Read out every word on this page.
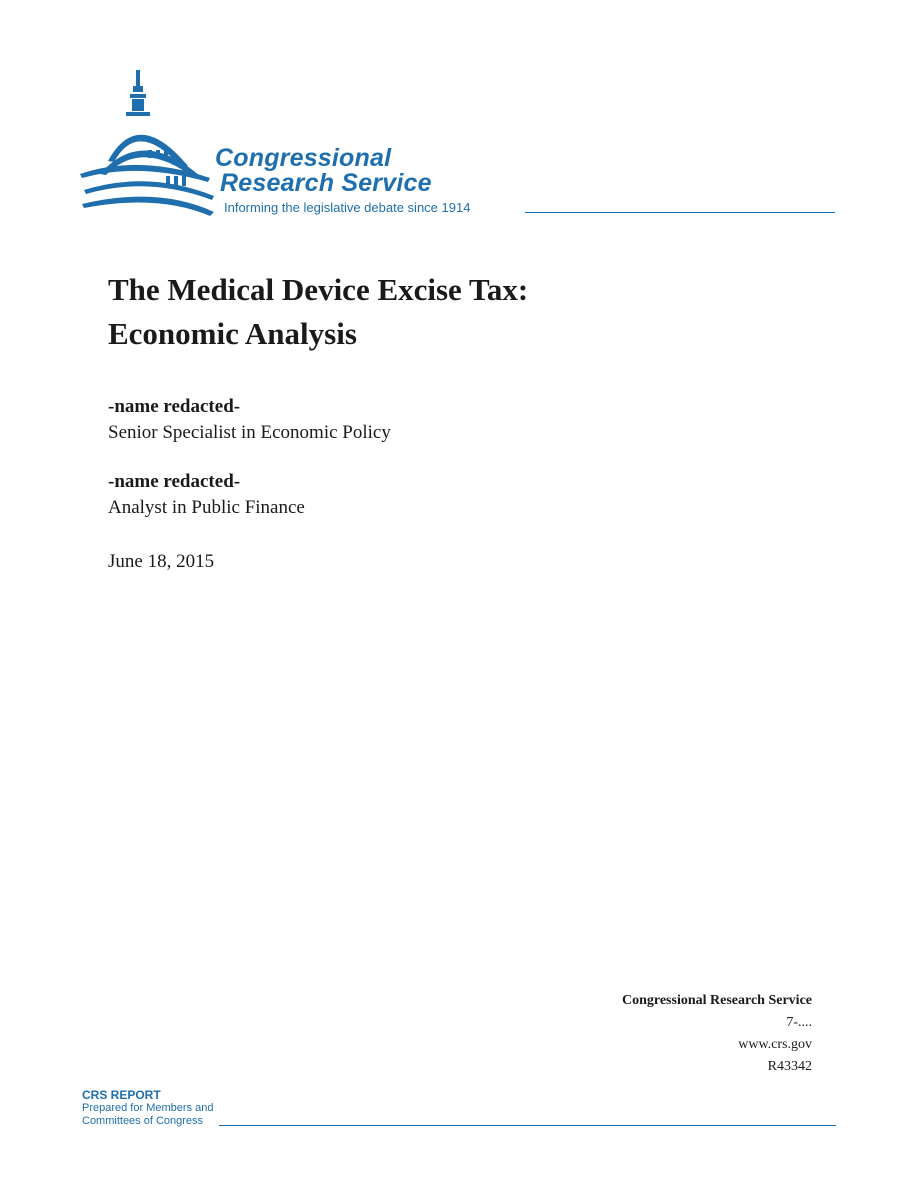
Congressional
Research Service
Informing the legislative debate since 1914
The Medical Device Excise Tax:
Economic Analysis
-name redacted-
Senior Specialist in Economic Policy
-name redacted-
Analyst in Public Finance
June 18, 2015
Congressional Research Service
7-....
www.crs.gov
R43342
CRS REPORT
Prepared for Members and
Committees of Congress
